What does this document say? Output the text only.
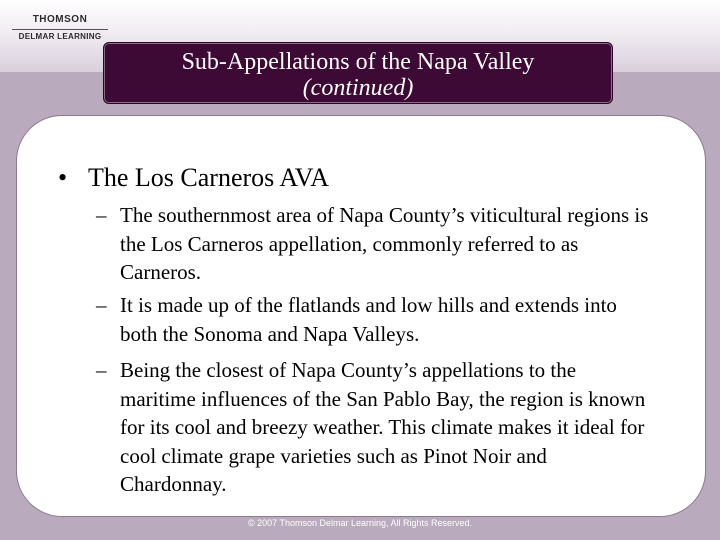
THOMSON
DELMAR LEARNING
Sub-Appellations of the Napa Valley
(continued)
• The Los Carneros AVA
– The southernmost area of Napa County’s viticultural regions is the Los Carneros appellation, commonly referred to as Carneros.
– It is made up of the flatlands and low hills and extends into both the Sonoma and Napa Valleys.
– Being the closest of Napa County’s appellations to the maritime influences of the San Pablo Bay, the region is known for its cool and breezy weather. This climate makes it ideal for cool climate grape varieties such as Pinot Noir and Chardonnay.
© 2007 Thomson Delmar Learning, All Rights Reserved.
